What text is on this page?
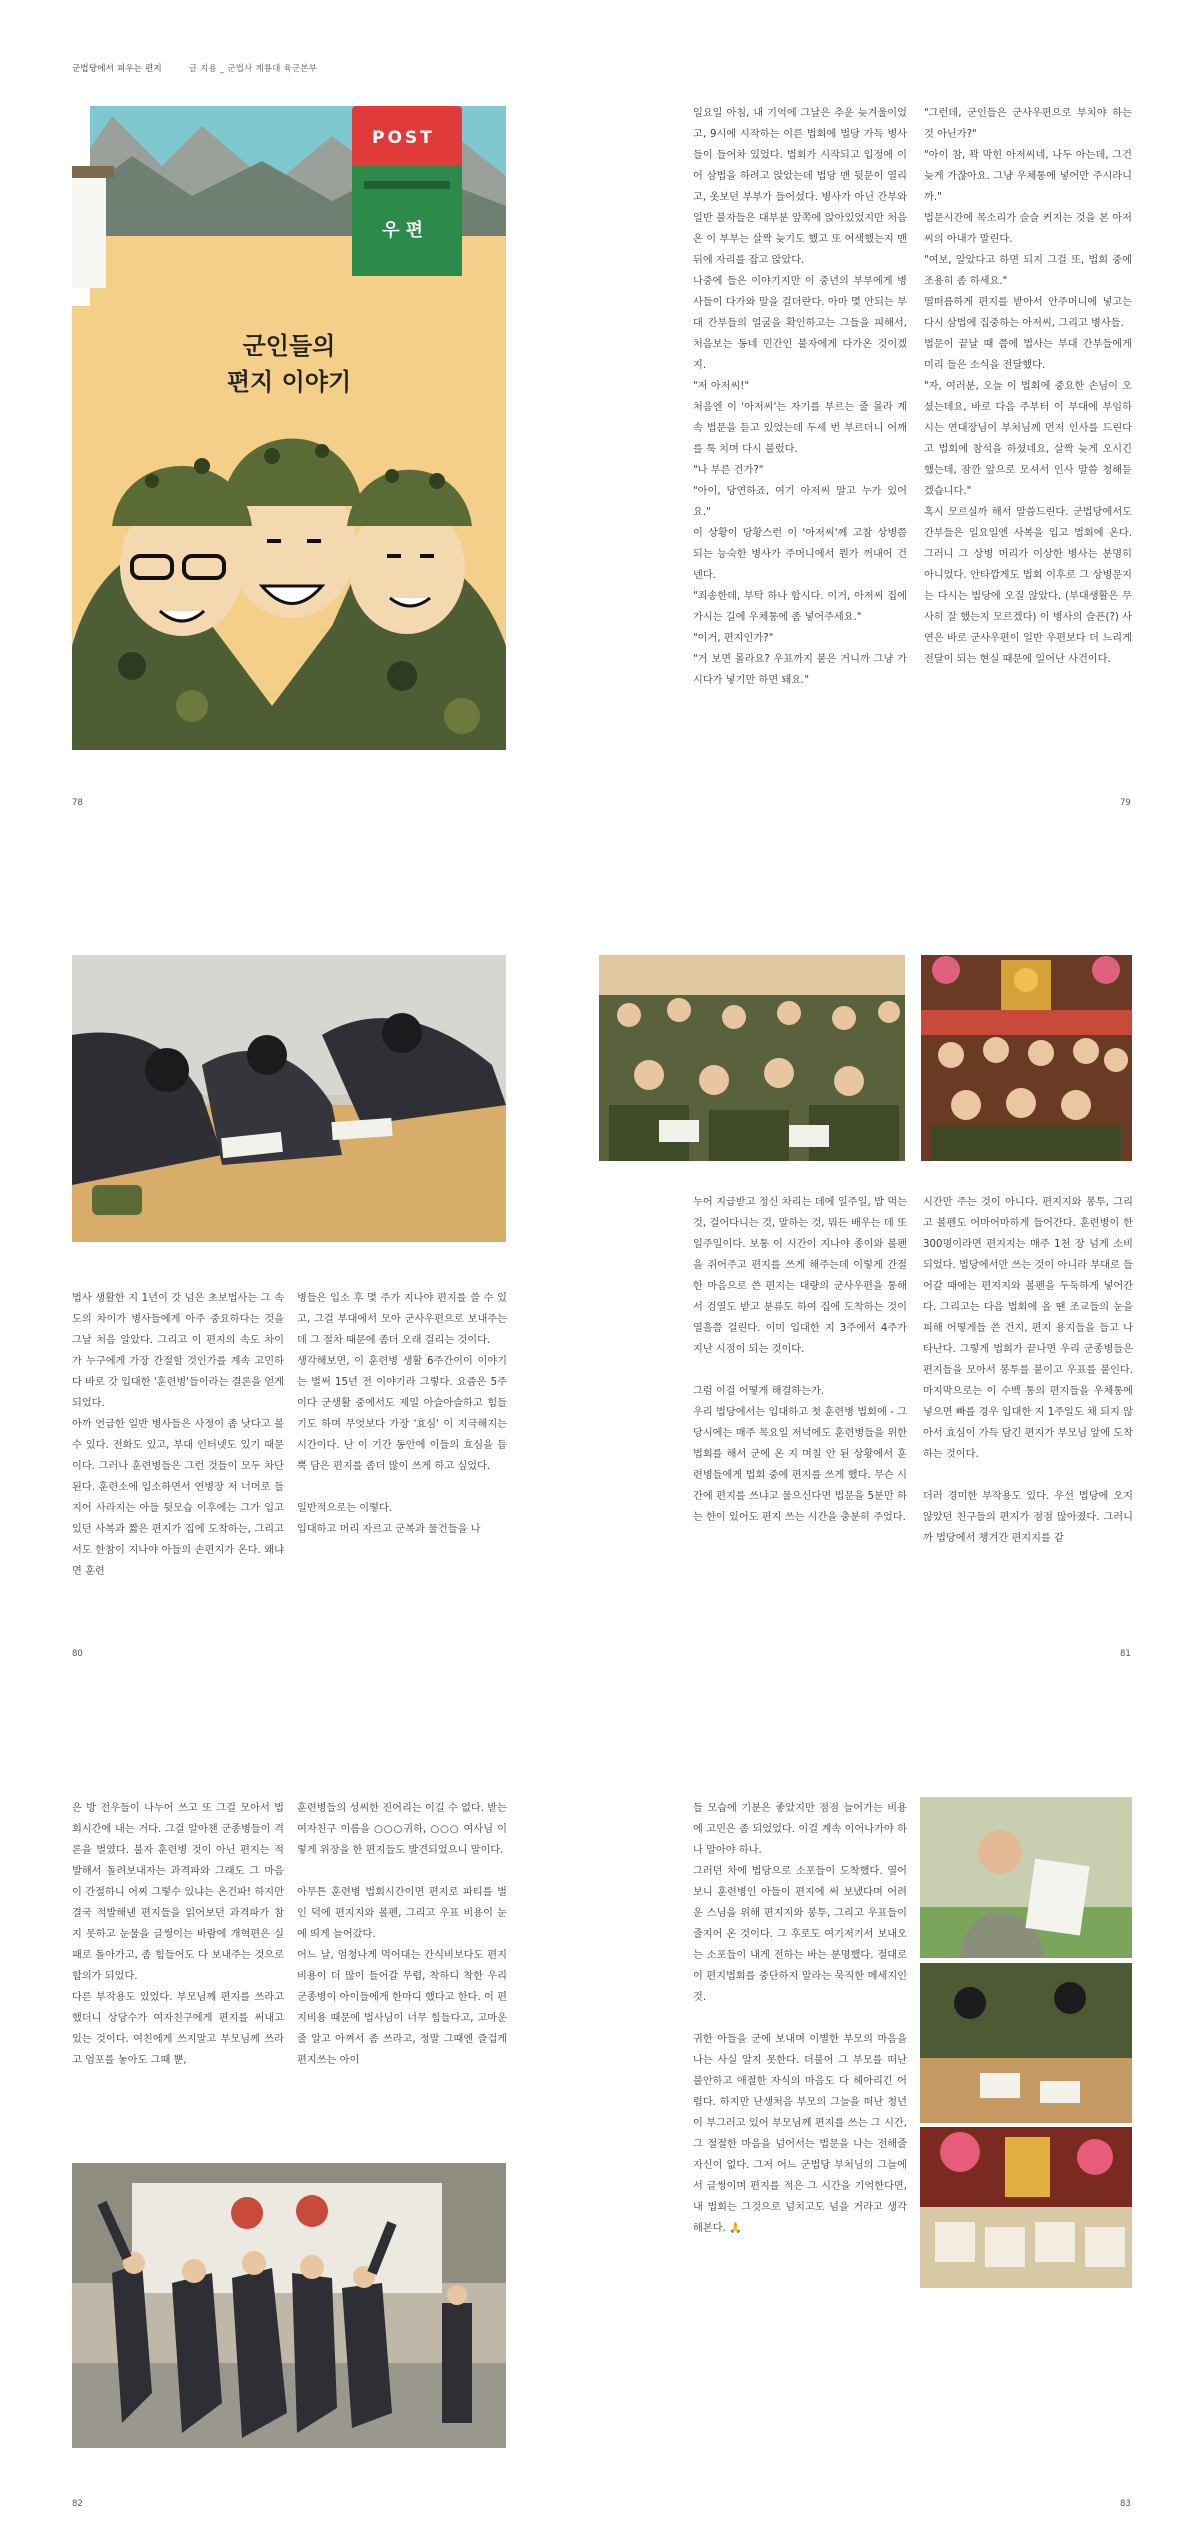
군법당에서 피우는 편지	글 지용 _ 군법사 계룡대 육군본부
POST
우 편
군인들의
편지 이야기

일요일 아침, 내 기억에 그날은 추운 늦겨울이었고, 9시에 시작하는 이른 법회에 법당 가득 병사들이 들어차 있었다. 법회가 시작되고 입정에 이어 삼법을 하려고 앉았는데 법당 맨 뒷문이 열리고, 옷보던 부부가 들어섰다. 병사가 아닌 간부와 일반 불자들은 대부분 앞쪽에 앉아있었지만 처음 온 이 부부는 살짝 늦기도 했고 또 어색했는지 맨 뒤에 자리를 잡고 앉았다.

나중에 들은 이야기지만 이 중년의 부부에게 병사들이 다가와 말을 걸더란다. 아마 몇 안되는 부대 간부들의 얼굴을 확인하고는 그들을 피해서, 처음보는 동네 민간인 불자에게 다가온 것이겠지.

"저 아저씨!"

처음엔 이 '아저씨'는 자기를 부르는 줄 몰라 계속 법문을 듣고 있었는데 두세 번 부르더니 어깨를 툭 치며 다시 불렀다.

"나 부른 건가?"

"아이, 당연하죠, 여기 아저씨 말고 누가 있어요."

이 상황이 당황스런 이 '아저씨'께 고참 상병쯤 되는 능숙한 병사가 주머니에서 뭔가 꺼내어 건넨다.

"죄송한데, 부탁 하나 합시다. 이거, 아저씨 집에 가시는 길에 우체통에 좀 넣어주세요."

"이거, 편지인가?"

"거 보면 몰라요? 우표까지 붙은 거니까 그냥 가시다가 넣기만 하면 돼요."

"그런데, 군인들은 군사우편으로 부치야 하는 것 아닌가?"

"아이 참, 꽉 막힌 아저씨네, 나두 아는데, 그건 늦게 가잖아요. 그냥 우체통에 넣어만 주시라니까."

법문시간에 목소리가 슬슬 커지는 것을 본 아저씨의 아내가 말린다.

"여보, 알았다고 하면 되지 그걸 또, 법회 중에 조용히 좀 하세요."

떨떠름하게 편지를 받아서 안주머니에 넣고는 다시 삼법에 집중하는 아저씨, 그리고 병사들.

법문이 끝날 때 쯤에 법사는 부대 간부들에게 미리 들은 소식을 전달했다.

"자, 여러분, 오늘 이 법회에 중요한 손님이 오셨는데요, 바로 다음 주부터 이 부대에 부임하시는 연대장님이 부처님께 먼저 인사를 드린다고 법회에 참석을 하셨네요, 살짝 늦게 오시긴 했는데, 잠깐 앞으로 모셔서 인사 말씀 청해듣겠습니다."

혹시 모르실까 해서 말씀드린다. 군법당에서도 간부들은 일요일엔 사복을 입고 법회에 온다. 그러니 그 상병 머리가 이상한 병사는 분명히 아니었다. 안타깝게도 법회 이후로 그 상병문지는 다시는 법당에 오질 않았다. (부대생활은 무사히 잘 했는지 모르겠다) 이 병사의 슬픈(?) 사연은 바로 군사우편이 일반 우편보다 더 느리게 전달이 되는 현실 때문에 일어난 사건이다.

78	79

법사 생활한 지 1년이 갓 넘은 초보법사는 그 속도의 차이가 병사들에게 아주 중요하다는 것을 그날 처음 알았다. 그리고 이 편지의 속도 차이가 누구에게 가장 간절할 것인가를 계속 고민하다 바로 갓 입대한 '훈련병'들이라는 결론을 얻게 되었다.

아까 언급한 일반 병사들은 사정이 좀 낫다고 볼 수 있다. 전화도 있고, 부대 인터넷도 있기 때문이다. 그러나 훈련병들은 그런 것들이 모두 차단된다. 훈련소에 입소하면서 연병장 저 너머로 들지어 사라지는 아들 뒷모습 이후에는 그가 입고 있던 사복과 짧은 편지가 집에 도착하는, 그리고서도 한참이 지나야 아들의 손편지가 온다. 왜냐면 훈련

병들은 입소 후 몇 주가 지나야 편지를 쓸 수 있고, 그걸 부대에서 모아 군사우편으로 보내주는데 그 절차 때문에 좀더 오래 걸리는 것이다.

생각해보면, 이 훈련병 생활 6주간이이 이야기는 벌써 15년 전 이야기라 그렇다. 요즘은 5주이다 군생활 중에서도 제일 아슬아슬하고 힘들기도 하며 무엇보다 가장 '효심' 이 지극해지는 시간이다. 난 이 기간 동안에 이들의 효심을 듬뿍 담은 편지를 좀더 많이 쓰게 하고 싶었다.

일반적으로는 이렇다.

입대하고 머리 자르고 군복과 물건들을 나

누어 지급받고 정신 차리는 데에 일주일, 밥 먹는 것, 걸어다니는 것, 말하는 것, 뭐든 배우는 데 또 일주일이다. 보통 이 시간이 지나야 종이와 볼펜을 쥐어주고 편지를 쓰게 해주는데 이렇게 간절한 마음으로 쓴 편지는 대량의 군사우편을 통해서 검열도 받고 분류도 하여 집에 도착하는 것이 열흘쯤 걸린다. 이미 입대한 지 3주에서 4주가 지난 시점이 되는 것이다.

그럼 이걸 어떻게 해결하는가.

우리 법당에서는 입대하고 첫 훈련병 법회에 - 그 당시에는 매주 목요일 저녁에도 훈련병들을 위한 법회를 해서 군에 온 지 며칠 안 된 상황에서 훈련병들에게 법회 중에 편지를 쓰게 했다. 무슨 시간에 편지를 쓰냐고 물으신다면 법문을 5분만 하는 한이 있어도 편지 쓰는 시간을 충분히 주었다.

시간만 주는 것이 아니다. 편지지와 봉투, 그리고 볼펜도 어마어마하게 들어간다. 훈련병이 한 300명이라면 편지지는 매주 1천 장 넘게 소비되었다. 법당에서만 쓰는 것이 아니라 부대로 들어갈 때에는 편지지와 볼펜을 두둑하게 넣어간다. 그리고는 다음 법회에 올 땐 조교들의 눈을 피해 어떻게들 쓴 건지, 편지 용지들을 들고 나타난다. 그렇게 법회가 끝나면 우리 군종병들은 편지들을 모아서 봉투를 붙이고 우표를 붙인다. 마지막으로는 이 수백 통의 편지들을 우체통에 넣으면 빠를 경우 입대한 지 1주일도 채 되지 않아서 효심이 가득 담긴 편지가 부모님 앞에 도착하는 것이다.

더러 경미한 부작용도 있다. 우선 법당에 오지 않았던 친구들의 편지가 점점 많아졌다. 그러니까 법당에서 챙겨간 편지지를 같

80	81

은 방 전우들이 나누어 쓰고 또 그걸 모아서 법회시간에 내는 거다. 그걸 알아챈 군종병들이 격론을 벌였다. 불자 훈련병 것이 아닌 편지는 적발해서 돌려보내자는 과격파와 그래도 그 마음이 간절하니 어찌 그렇수 있냐는 온건파! 하지만 결국 적발해낸 편지들을 읽어보던 과격파가 참지 못하고 눈물을 글썽이는 바람에 개혁편은 실패로 돌아가고, 좀 힘들어도 다 보내주는 것으로 합의가 되었다.

다른 부작용도 있었다. 부모님께 편지를 쓰라고 했더니 상당수가 여자친구에게 편지를 써내고 있는 것이다. 여친에게 쓰지말고 부모님께 쓰라고 엄포를 놓아도 그때 뿐,

훈련병들의 성씨한 진어리는 이길 수 없다. 받는 여자친구 이름을 ○○○귀하, ○○○ 여사님 이렇게 위장을 한 편지들도 발견되었으니 말이다.

아무튼 훈련병 법회시간이면 편지로 파티를 벌인 덕에 편지지와 볼펜, 그리고 우표 비용이 눈에 띄게 늘어갔다.

어느 날, 엄청나게 먹어대는 간식비보다도 편지 비용이 더 많이 들어갈 무렵, 착하디 착한 우리 군종병이 아이들에게 한마디 했다고 한다. 이 편지비용 때문에 법사님이 너무 힘들다고, 고마운 줄 알고 아껴서 좀 쓰라고, 정말 그때엔 즐겁게 편지쓰는 아이

들 모습에 기분은 좋았지만 점점 늘어가는 비용에 고민은 좀 되었었다. 이걸 계속 이어나가야 하나 말아야 하나.

그러던 차에 법당으로 소포들이 도착했다. 열어보니 훈련병인 아들이 편지에 써 보냈다며 어려운 스님을 위해 편지지와 봉투, 그리고 우표들이 줄지어 온 것이다. 그 후로도 여기저기서 보내오는 소포들이 내게 전하는 바는 분명했다. 절대로 이 편지법회를 중단하지 말라는 묵직한 메세지인 것.

귀한 아들을 군에 보내며 이별한 부모의 마음을 나는 사실 알지 못한다. 더불어 그 부모를 떠난 불안하고 애절한 자식의 마음도 다 헤아리긴 어렵다. 하지만 난생처음 부모의 그늘을 떠난 청년이 부그러고 있어 부모님께 편지를 쓰는 그 시간, 그 절절한 마음을 넘어서는 법문을 나는 전해줄 자신이 없다. 그저 어느 군법당 부처님의 그늘에서 글썽이며 편지를 적은 그 시간을 기억한다면, 내 법회는 그것으로 넘치고도 넘을 거라고 생각해본다. 🙏

82	83
